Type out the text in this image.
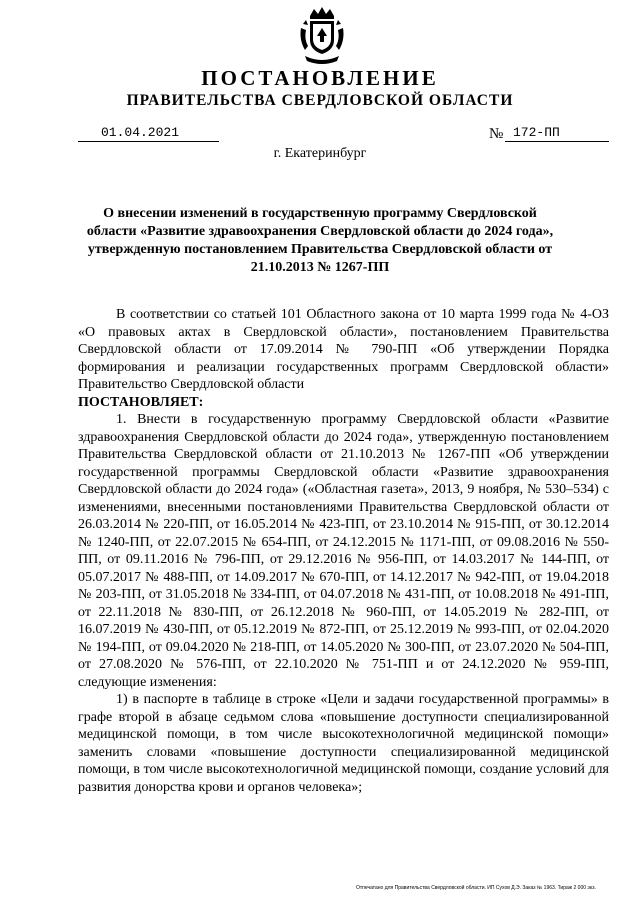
ПОСТАНОВЛЕНИЕ
ПРАВИТЕЛЬСТВА СВЕРДЛОВСКОЙ ОБЛАСТИ
01.04.2021	№ 172-ПП
г. Екатеринбург
О внесении изменений в государственную программу Свердловской области «Развитие здравоохранения Свердловской области до 2024 года», утвержденную постановлением Правительства Свердловской области от 21.10.2013 № 1267-ПП

В соответствии со статьей 101 Областного закона от 10 марта 1999 года № 4-ОЗ «О правовых актах в Свердловской области», постановлением Правительства Свердловской области от 17.09.2014 № 790-ПП «Об утверждении Порядка формирования и реализации государственных программ Свердловской области» Правительство Свердловской области

ПОСТАНОВЛЯЕТ:

1. Внести в государственную программу Свердловской области «Развитие здравоохранения Свердловской области до 2024 года», утвержденную постановлением Правительства Свердловской области от 21.10.2013 № 1267-ПП «Об утверждении государственной программы Свердловской области «Развитие здравоохранения Свердловской области до 2024 года» («Областная газета», 2013, 9 ноября, № 530–534) с изменениями, внесенными постановлениями Правительства Свердловской области от 26.03.2014 № 220-ПП, от 16.05.2014 № 423-ПП, от 23.10.2014 № 915-ПП, от 30.12.2014 № 1240-ПП, от 22.07.2015 № 654-ПП, от 24.12.2015 № 1171-ПП, от 09.08.2016 № 550-ПП, от 09.11.2016 № 796-ПП, от 29.12.2016 № 956-ПП, от 14.03.2017 № 144-ПП, от 05.07.2017 № 488-ПП, от 14.09.2017 № 670-ПП, от 14.12.2017 № 942-ПП, от 19.04.2018 № 203-ПП, от 31.05.2018 № 334-ПП, от 04.07.2018 № 431-ПП, от 10.08.2018 № 491-ПП, от 22.11.2018 № 830-ПП, от 26.12.2018 № 960-ПП, от 14.05.2019 № 282-ПП, от 16.07.2019 № 430-ПП, от 05.12.2019 № 872-ПП, от 25.12.2019 № 993-ПП, от 02.04.2020 № 194-ПП, от 09.04.2020 № 218-ПП, от 14.05.2020 № 300-ПП, от 23.07.2020 № 504-ПП, от 27.08.2020 № 576-ПП, от 22.10.2020 № 751-ПП и от 24.12.2020 № 959-ПП, следующие изменения:

1) в паспорте в таблице в строке «Цели и задачи государственной программы» в графе второй в абзаце седьмом слова «повышение доступности специализированной медицинской помощи, в том числе высокотехнологичной медицинской помощи» заменить словами «повышение доступности специализированной медицинской помощи, в том числе высокотехнологичной медицинской помощи, создание условий для развития донорства крови и органов человека»;

Отпечатано для Правительства Свердловской области. ИП Сухов Д.Э. Заказ № 1963. Тираж 2 000 экз.
